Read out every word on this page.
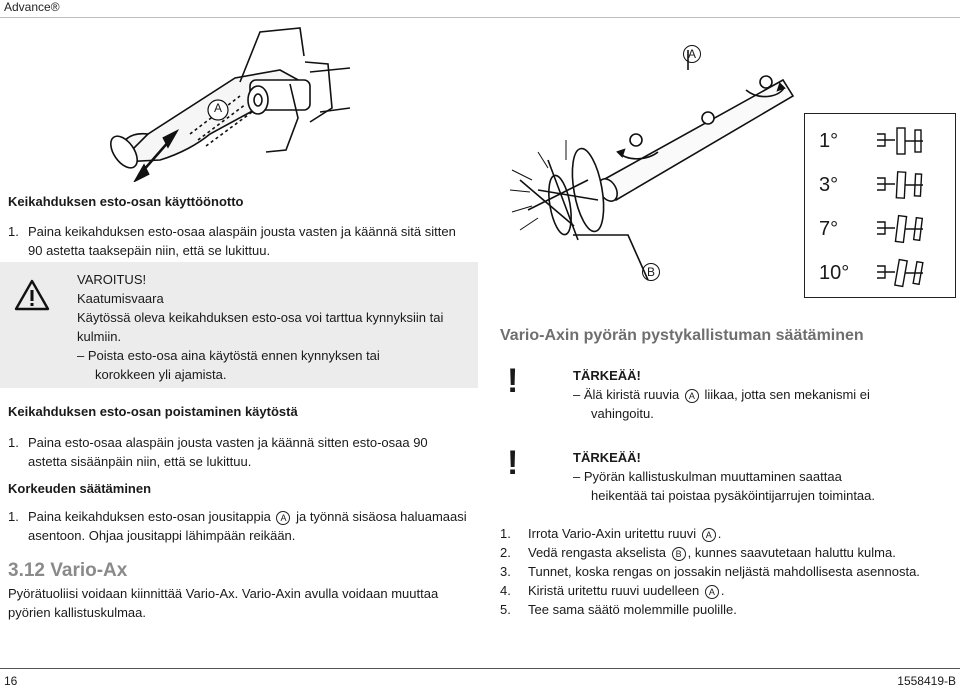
Advance®
16	1558419-B
A
Keikahduksen esto-osan käyttöönotto
1. Paina keikahduksen esto-osaa alaspäin jousta vasten ja käännä sitä sitten 90 astetta taaksepäin niin, että se lukittuu.
VAROITUS!
Kaatumisvaara
Käytössä oleva keikahduksen esto-osa voi tarttua kynnyksiin tai kulmiin.
– Poista esto-osa aina käytöstä ennen kynnyksen tai
korokkeen yli ajamista.
Keikahduksen esto-osan poistaminen käytöstä
1. Paina esto-osaa alaspäin jousta vasten ja käännä sitten esto-osaa 90 astetta sisäänpäin niin, että se lukittuu.
Korkeuden säätäminen
1. Paina keikahduksen esto-osan jousitappia A ja työnnä sisäosa haluamaasi asentoon. Ohjaa jousitappi lähimpään reikään.
3.12 Vario-Ax
Pyörätuoliisi voidaan kiinnittää Vario-Ax. Vario-Axin avulla voidaan muuttaa pyörien kallistuskulmaa.
A
B
1°
3°
7°
10°
Vario-Axin pyörän pystykallistuman säätäminen
!	TÄRKEÄÄ!
– Älä kiristä ruuvia A liikaa, jotta sen mekanismi ei
vahingoitu.
!	TÄRKEÄÄ!
– Pyörän kallistuskulman muuttaminen saattaa
heikentää tai poistaa pysäköintijarrujen toimintaa.
1.	Irrota Vario-Axin uritettu ruuvi A .
2.	Vedä rengasta akselista B , kunnes saavutetaan haluttu kulma.
3.	Tunnet, koska rengas on jossakin neljästä mahdollisesta asennosta.
4.	Kiristä uritettu ruuvi uudelleen A .
5.	Tee sama säätö molemmille puolille.
